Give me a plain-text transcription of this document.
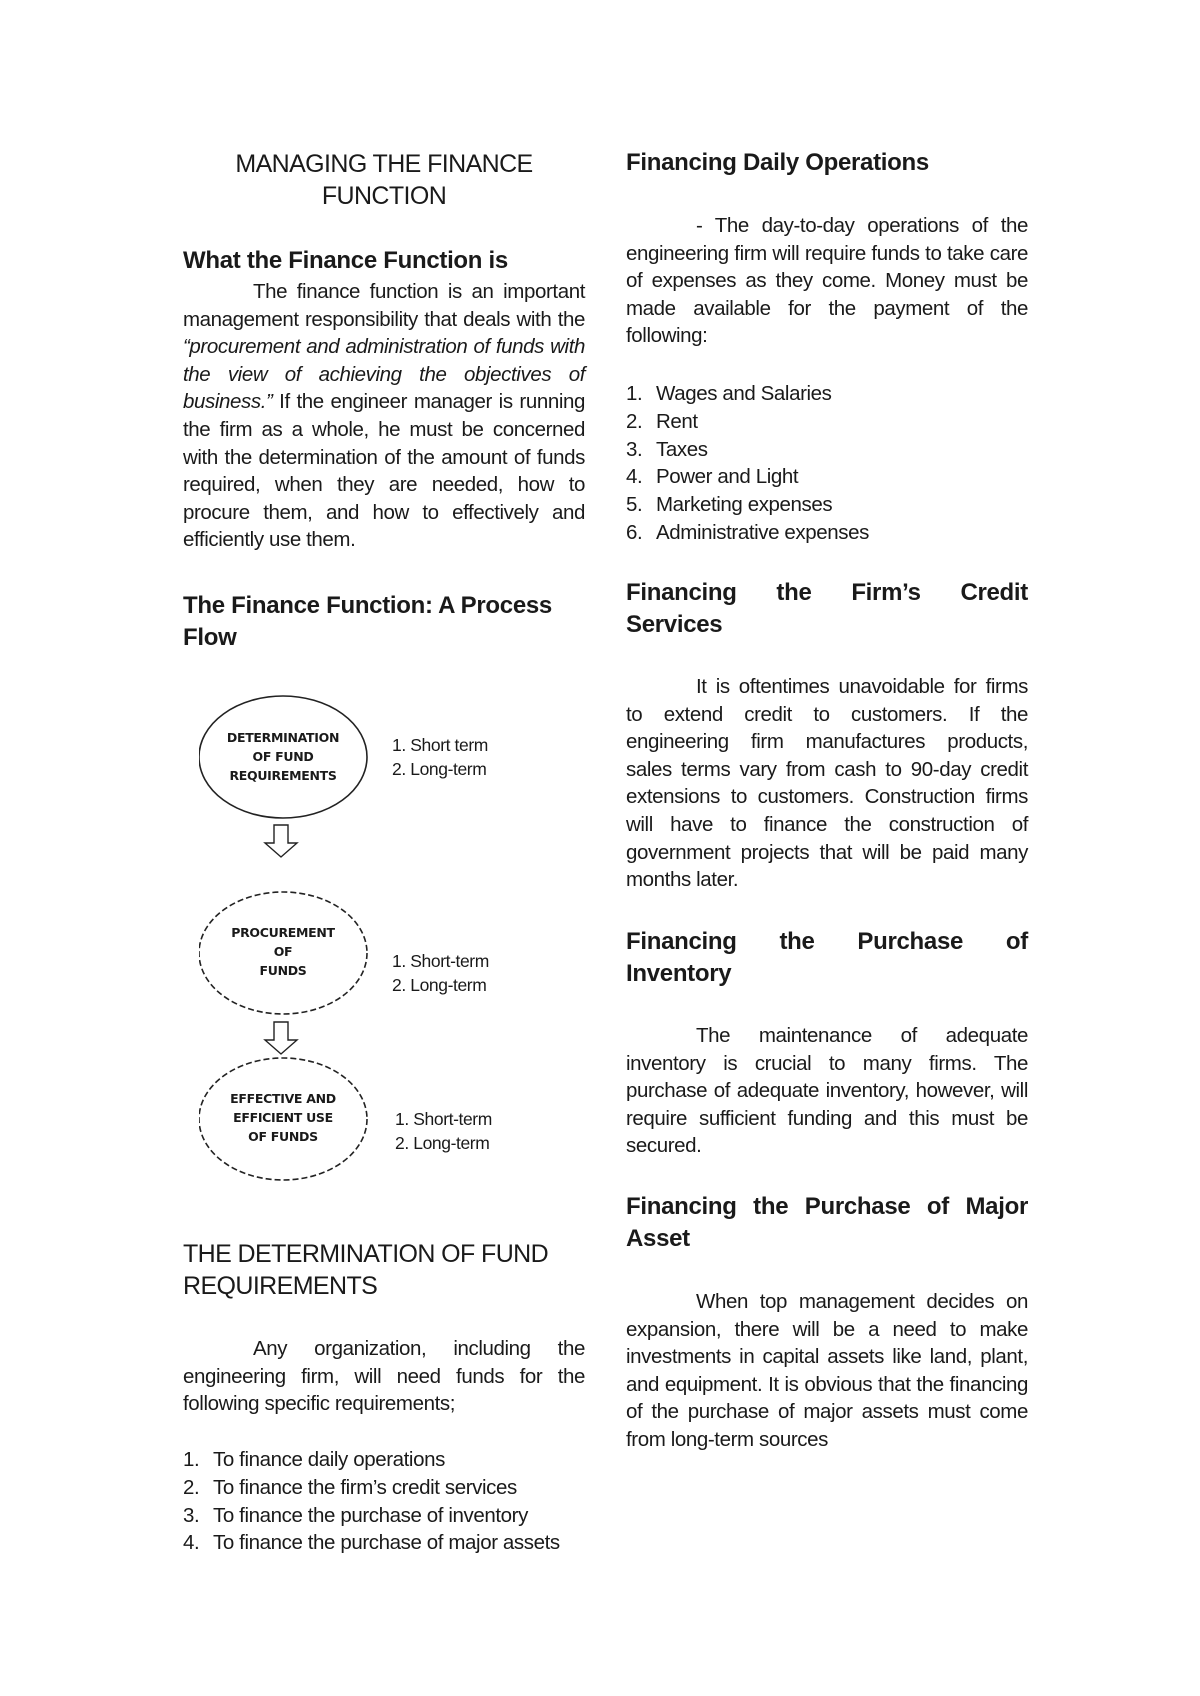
MANAGING THE FINANCE
FUNCTION
What the Finance Function is
The finance function is an important management responsibility that deals with the “procurement and administration of funds with the view of achieving the objectives of business.” If the engineer manager is running the firm as a whole, he must be concerned with the determination of the amount of funds required, when they are needed, how to procure them, and how to effectively and efficiently use them.
The Finance Function: A Process Flow
DETERMINATION
OF FUND
REQUIREMENTS
1. Short term
2. Long-term
PROCUREMENT
OF
FUNDS	1. Short-term
2. Long-term
EFFECTIVE AND
EFFICIENT USE
OF FUNDS
1. Short-term
2. Long-term
THE DETERMINATION OF FUND
REQUIREMENTS
Any organization, including the engineering firm, will need funds for the following specific requirements;
1. To finance daily operations
2. To finance the firm’s credit services
3. To finance the purchase of inventory
4. To finance the purchase of major assets
Financing Daily Operations
- The day-to-day operations of the engineering firm will require funds to take care of expenses as they come. Money must be made available for the payment of the following:
1. Wages and Salaries
2. Rent
3. Taxes
4. Power and Light
5. Marketing expenses
6. Administrative expenses
Financing the Firm’s Credit
Services
It is oftentimes unavoidable for firms to extend credit to customers. If the engineering firm manufactures products, sales terms vary from cash to 90-day credit extensions to customers. Construction firms will have to finance the construction of government projects that will be paid many months later.
Financing the Purchase of
Inventory
The maintenance of adequate inventory is crucial to many firms. The purchase of adequate inventory, however, will require sufficient funding and this must be secured.
Financing the Purchase of Major Asset
When top management decides on expansion, there will be a need to make investments in capital assets like land, plant, and equipment. It is obvious that the financing of the purchase of major assets must come from long-term sources
